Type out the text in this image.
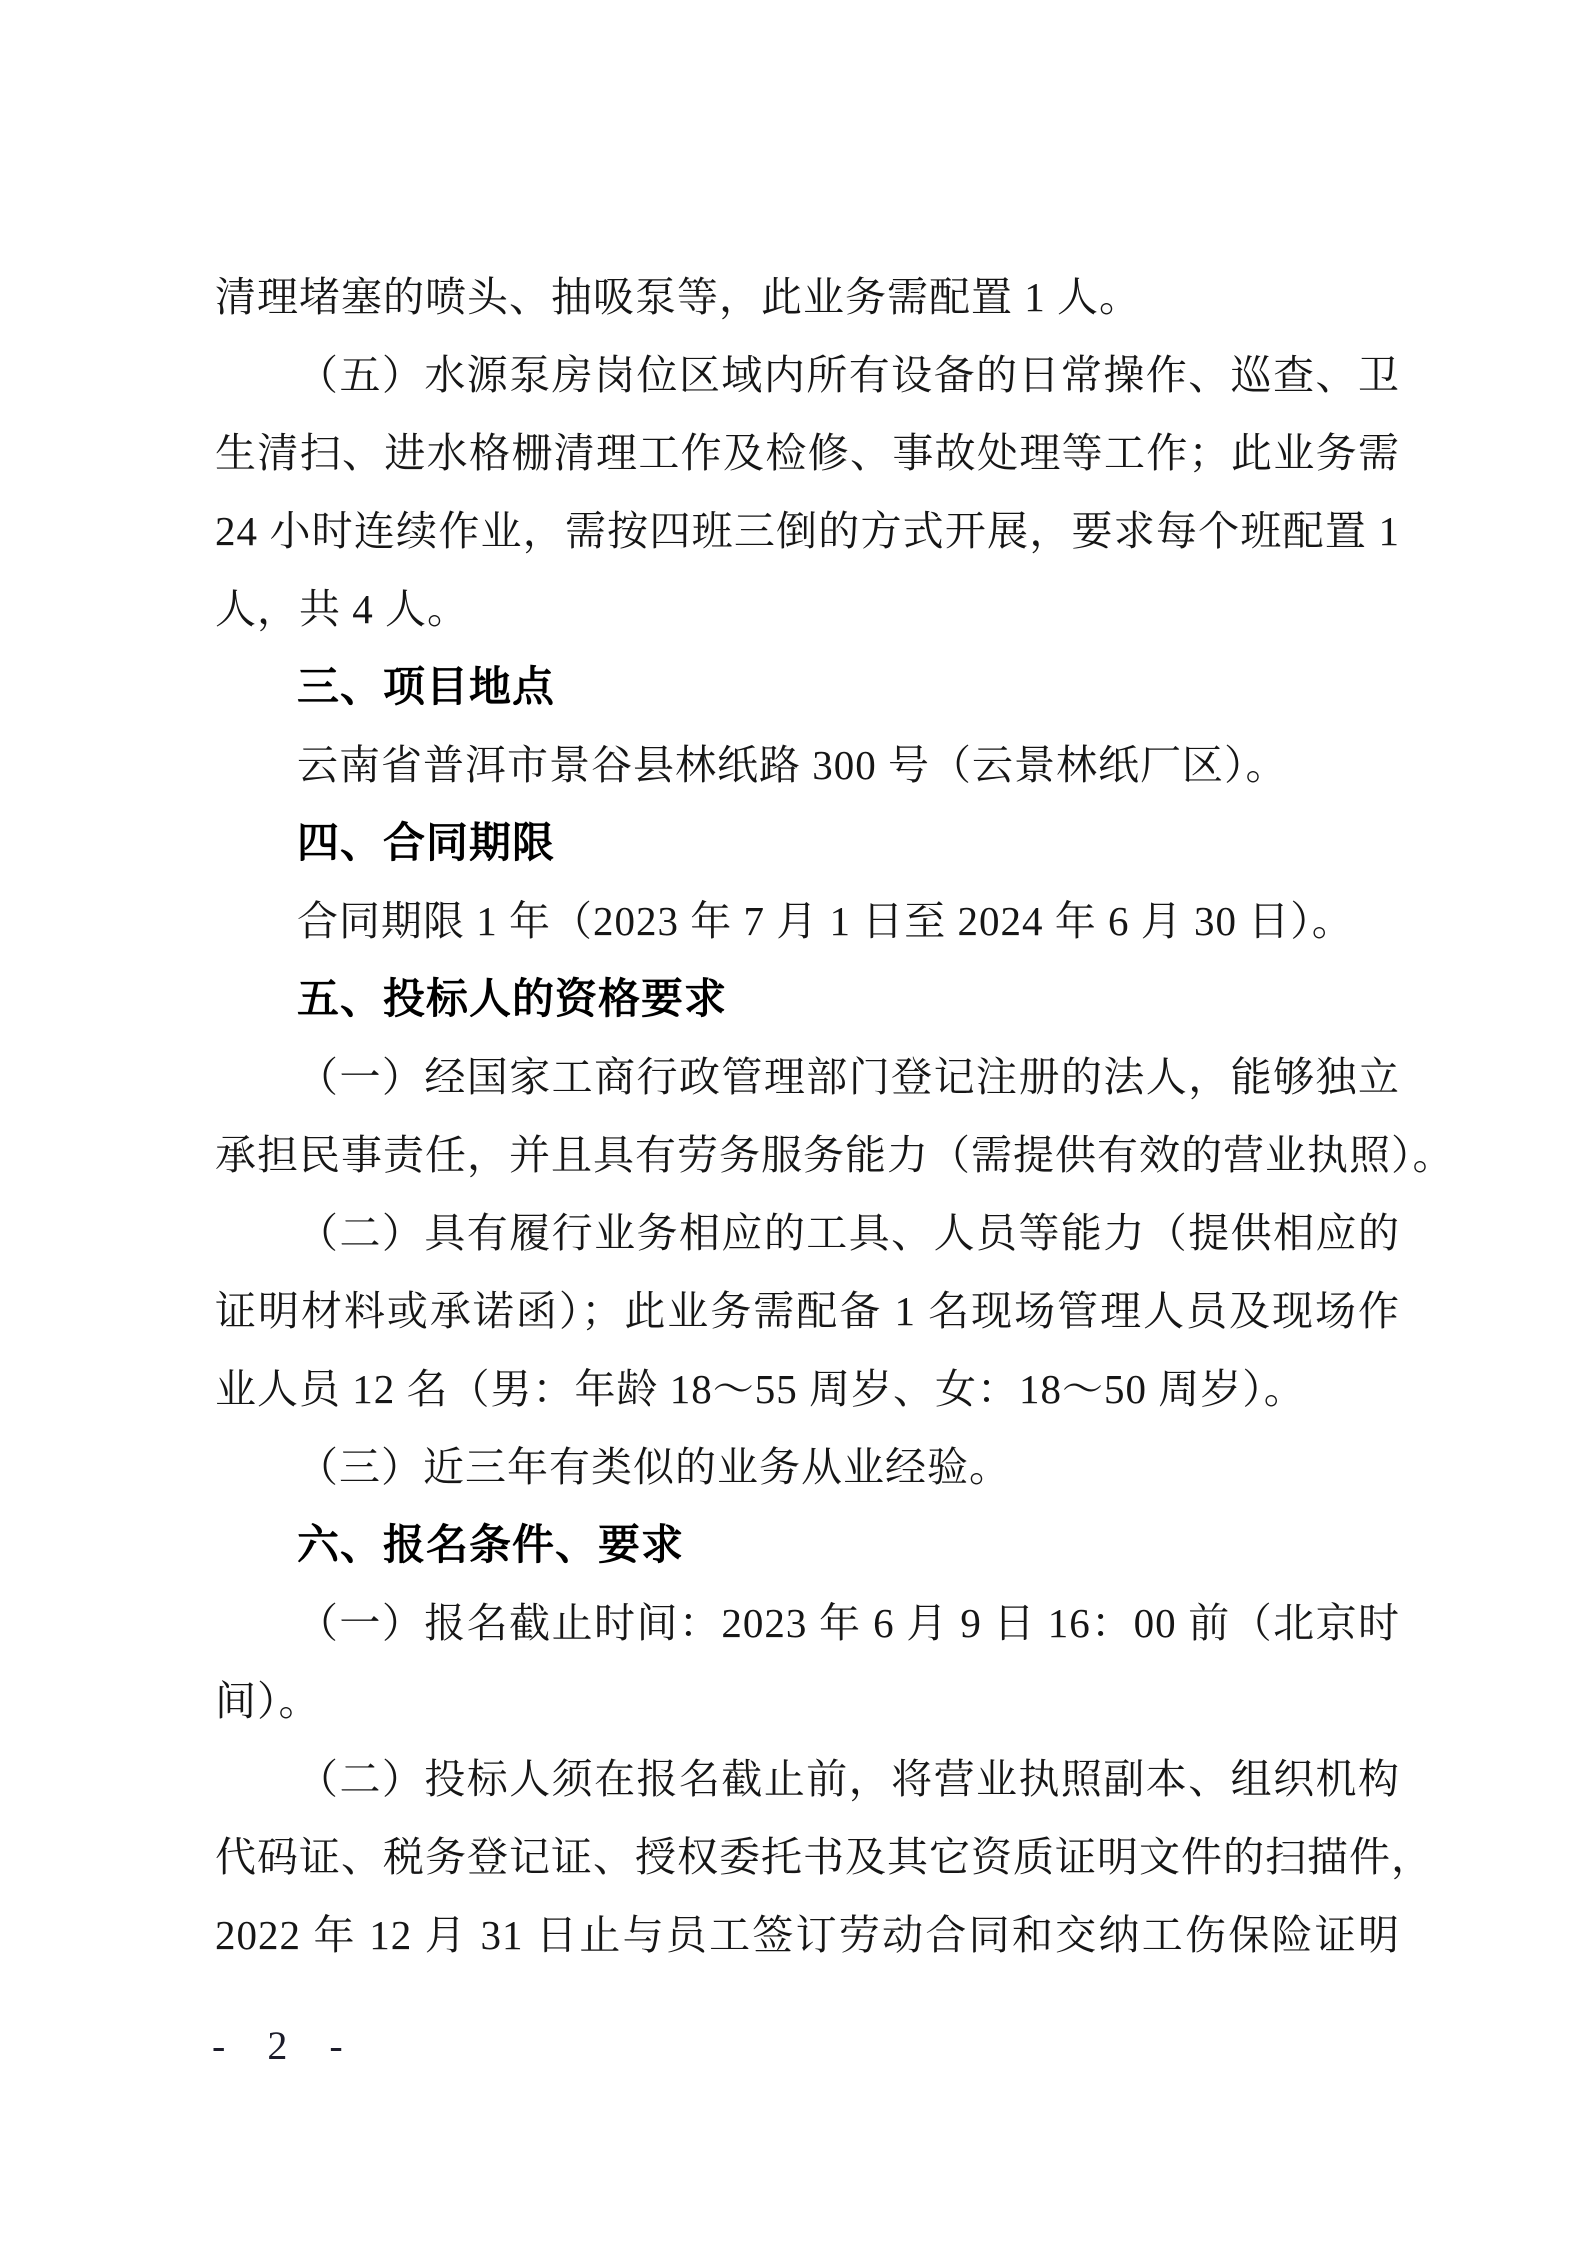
清理堵塞的喷头、抽吸泵等，此业务需配置 1 人。
（五）水源泵房岗位区域内所有设备的日常操作、巡查、卫
生清扫、进水格栅清理工作及检修、事故处理等工作；此业务需
24 小时连续作业，需按四班三倒的方式开展，要求每个班配置 1
人，共 4 人。
三、项目地点
云南省普洱市景谷县林纸路 300 号（云景林纸厂区）。
四、合同期限
合同期限 1 年（2023 年 7 月 1 日至 2024 年 6 月 30 日）。
五、投标人的资格要求
（一）经国家工商行政管理部门登记注册的法人，能够独立
承担民事责任，并且具有劳务服务能力（需提供有效的营业执照）。
（二）具有履行业务相应的工具、人员等能力（提供相应的
证明材料或承诺函）；此业务需配备 1 名现场管理人员及现场作
业人员 12 名（男：年龄 18～55 周岁、女：18～50 周岁）。
（三）近三年有类似的业务从业经验。
六、报名条件、要求
（一）报名截止时间：2023 年 6 月 9 日 16：00 前（北京时
间）。
（二）投标人须在报名截止前，将营业执照副本、组织机构
代码证、税务登记证、授权委托书及其它资质证明文件的扫描件，
2022 年 12 月 31 日止与员工签订劳动合同和交纳工伤保险证明
- 2 -
